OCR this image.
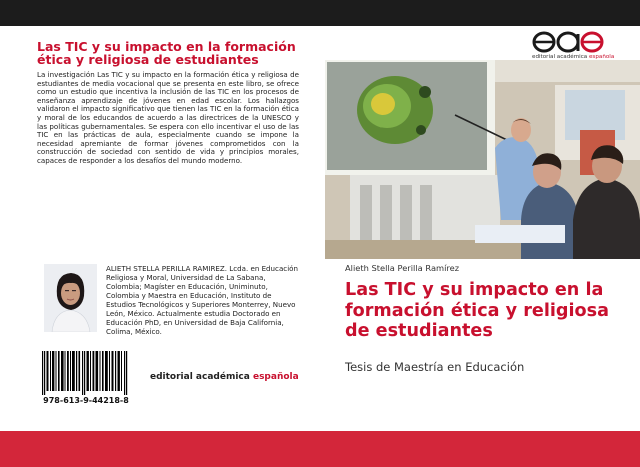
Las TIC y su impacto en la formación ética y religiosa de estudiantes

La investigación Las TIC y su impacto en la formación ética y religiosa de estudiantes de media vocacional que se presenta en este libro, se ofrece como un estudio que incentiva la inclusión de las TIC en los procesos de enseñanza aprendizaje de jóvenes en edad escolar. Los hallazgos validaron el impacto significativo que tienen las TIC en la formación ética y moral de los educandos de acuerdo a las directrices de la UNESCO y las políticas gubernamentales. Se espera con ello incentivar el uso de las TIC en las prácticas de aula, especialmente cuando se impone la necesidad apremiante de formar jóvenes comprometidos con la construcción de sociedad con sentido de vida y principios morales, capaces de responder a los desafíos del mundo moderno.

ALIETH STELLA PERILLA RAMIREZ. Lcda. en Educación Religiosa y Moral, Universidad de La Sabana, Colombia; Magíster en Educación, Uniminuto, Colombia y Maestra en Educación, Instituto de Estudios Tecnológicos y Superiores Monterrey, Nuevo León, México. Actualmente estudia Doctorado en Educación PhD, en Universidad de Baja California, Colima, México.

978-613-9-44218-8
editorial académica española
editorial académica española
Alieth Stella Perilla Ramírez
Las TIC y su impacto en la formación ética y religiosa de estudiantes
Tesis de Maestría en Educación
